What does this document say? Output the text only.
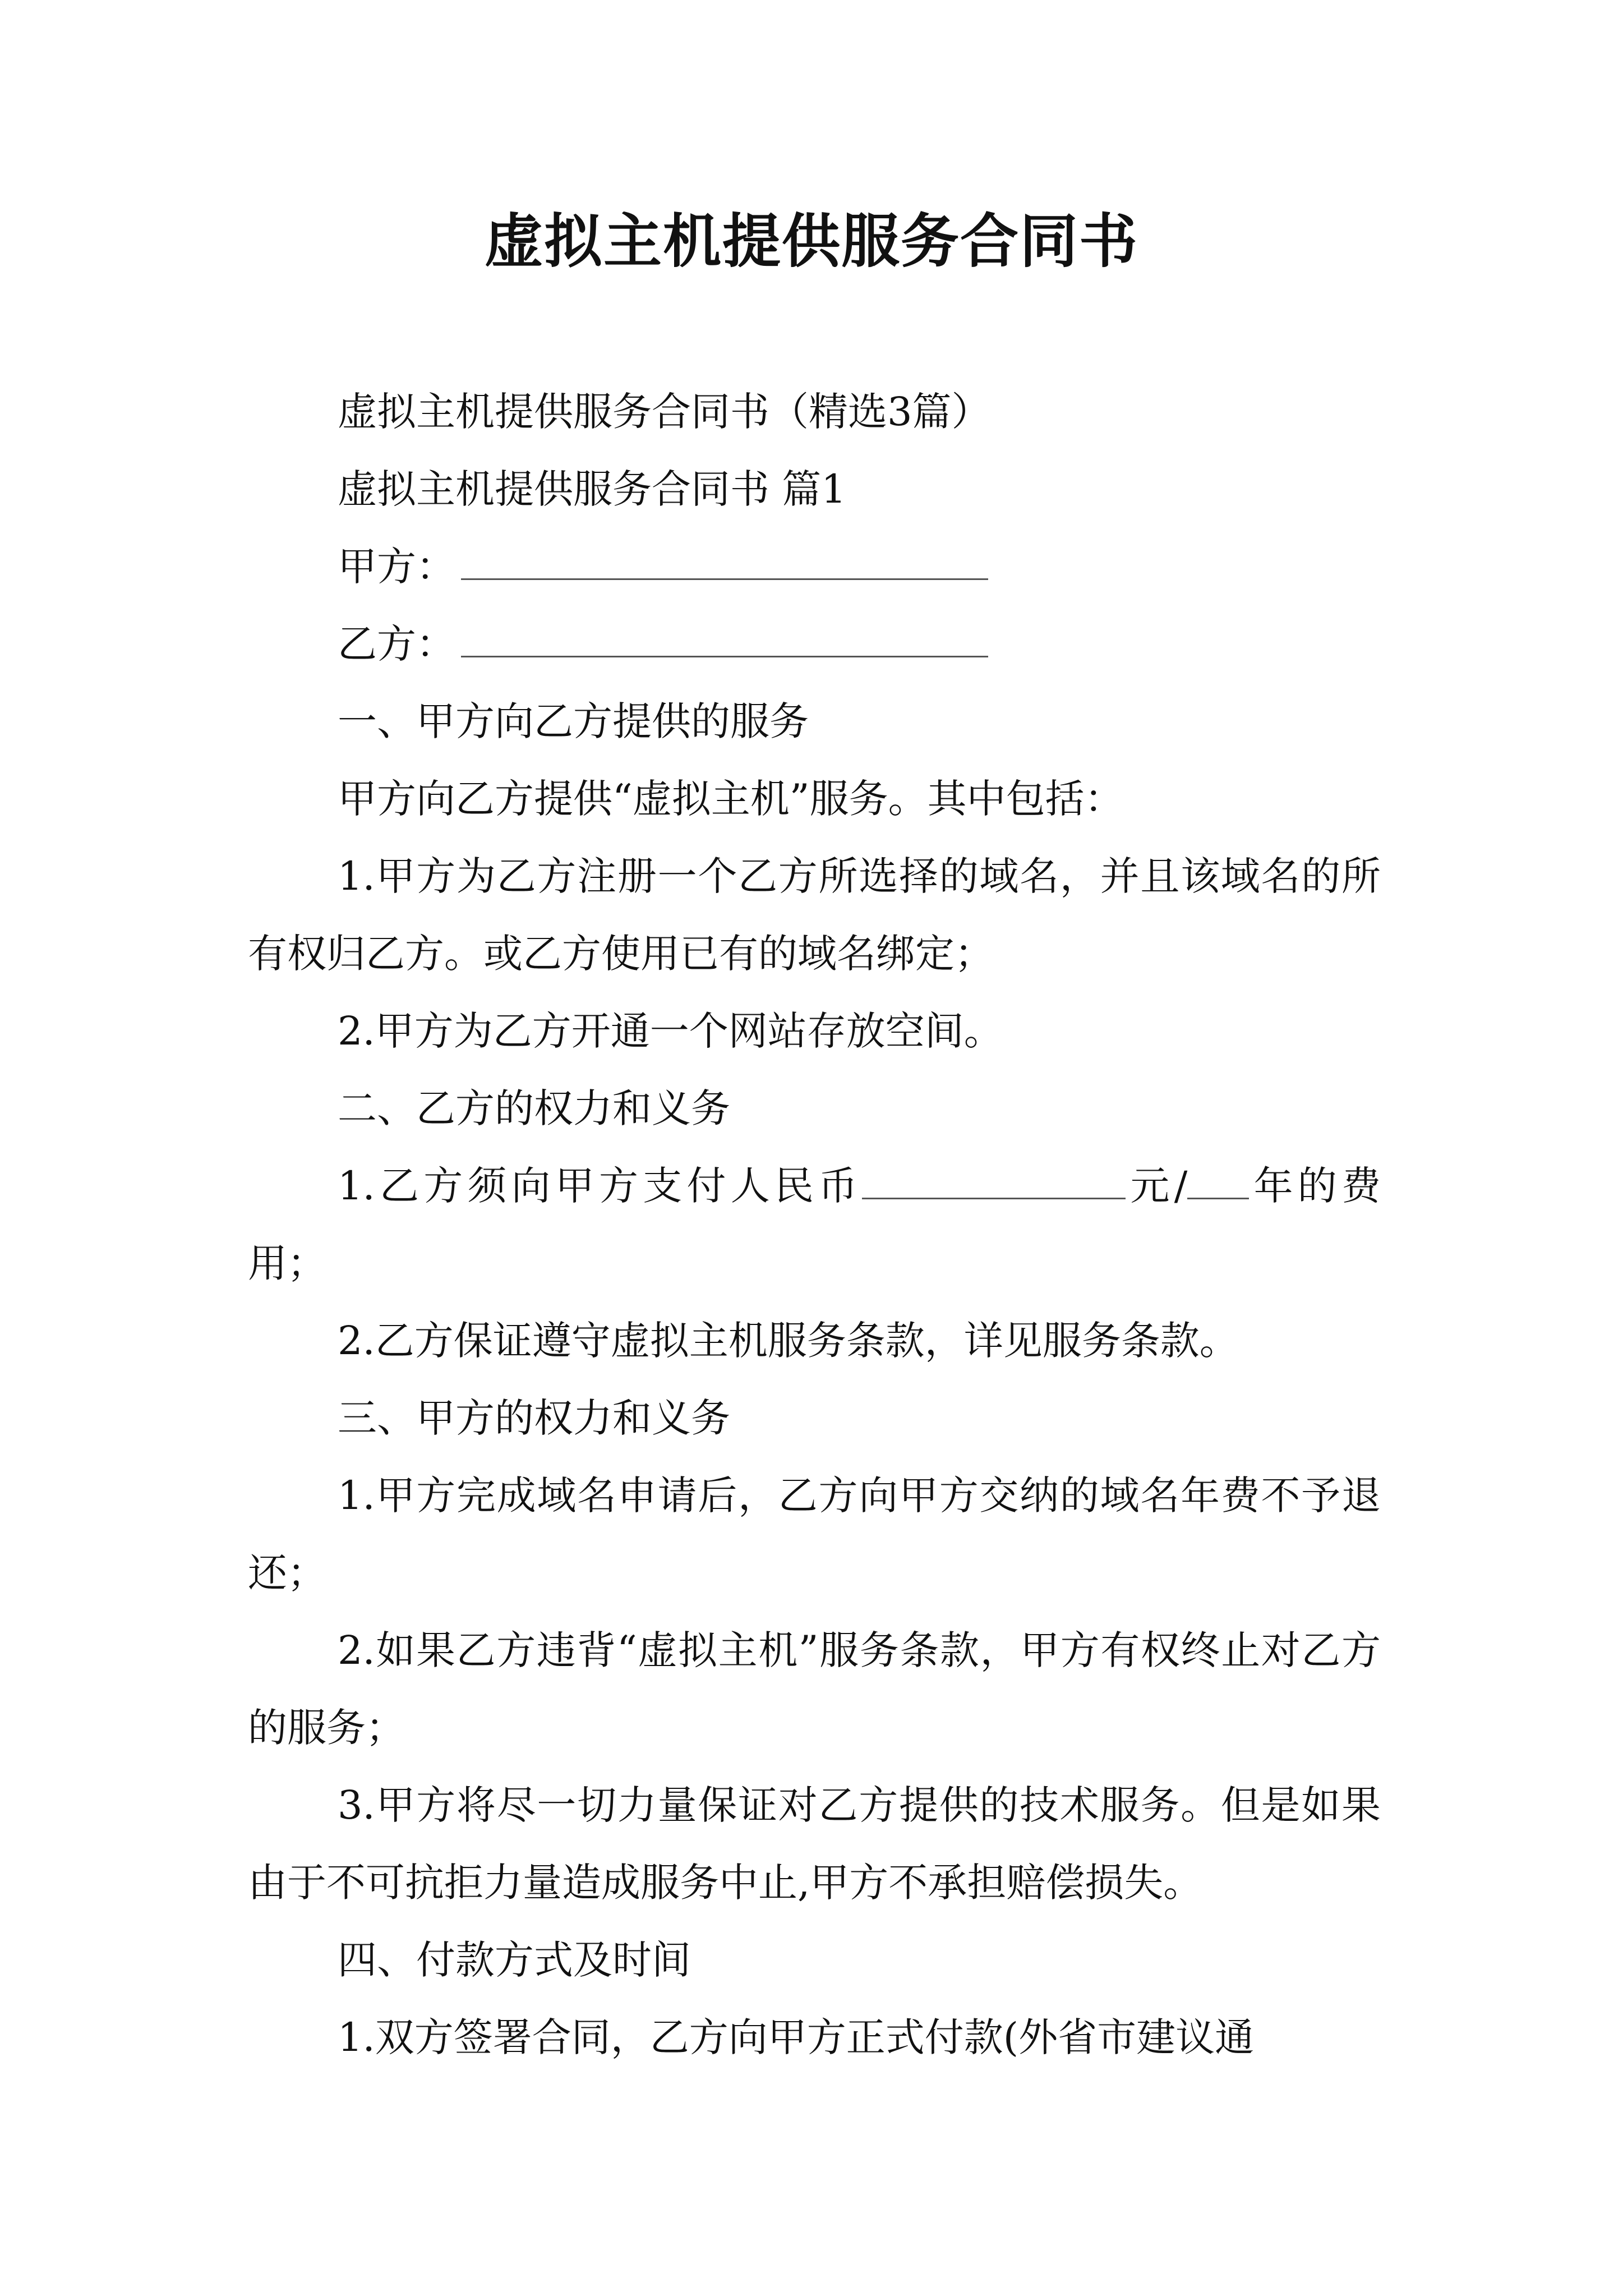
虚拟主机提供服务合同书

虚拟主机提供服务合同书（精选3篇）

虚拟主机提供服务合同书 篇1

甲方：

乙方：

一、甲方向乙方提供的服务

甲方向乙方提供“虚拟主机”服务。其中包括：

1.甲方为乙方注册一个乙方所选择的域名，并且该域名的所有权归乙方。或乙方使用已有的域名绑定；

2.甲方为乙方开通一个网站存放空间。

二、乙方的权力和义务

1.乙方须向甲方支付人民币	元/ 年的费用；

2.乙方保证遵守虚拟主机服务条款，详见服务条款。

三、甲方的权力和义务

1.甲方完成域名申请后，乙方向甲方交纳的域名年费不予退还；

2.如果乙方违背“虚拟主机”服务条款，甲方有权终止对乙方的服务；

3.甲方将尽一切力量保证对乙方提供的技术服务。但是如果由于不可抗拒力量造成服务中止,甲方不承担赔偿损失。

四、付款方式及时间

1.双方签署合同，乙方向甲方正式付款(外省市建议通
